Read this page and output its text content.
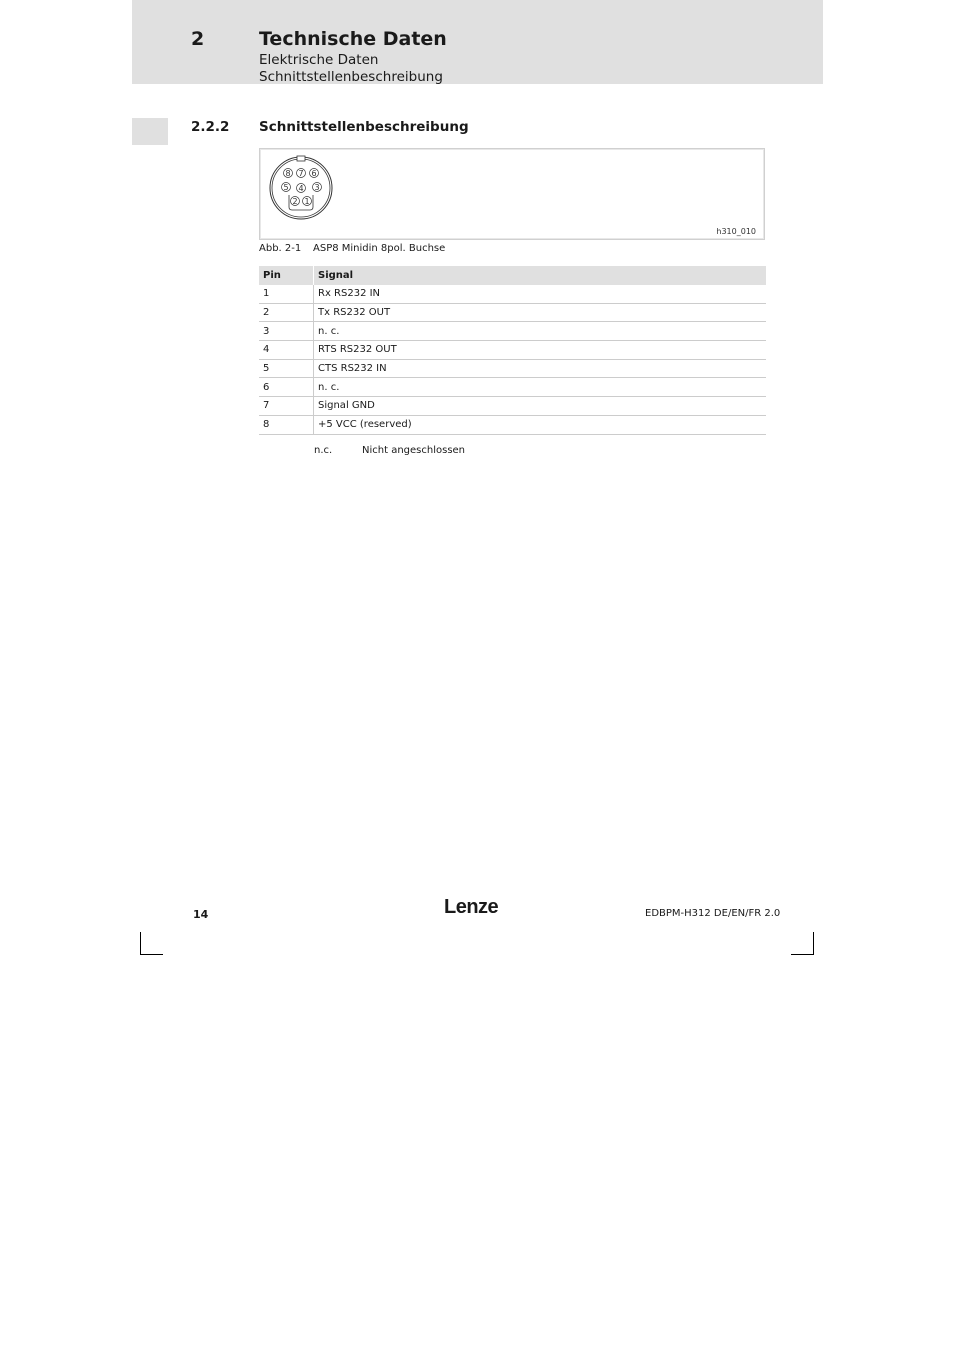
2	Technische Daten
Elektrische Daten
Schnittstellenbeschreibung
2.2.2 Schnittstellenbeschreibung
8 7 6
5 4 3
2 1
h310_010
Abb. 2-1 ASP8 Minidin 8pol. Buchse
Pin	Signal
1	Rx RS232 IN
2	Tx RS232 OUT
3	n. c.
4	RTS RS232 OUT
5	CTS RS232 IN
6	n. c.
7	Signal GND
8	+5 VCC (reserved)
n.c.	Nicht angeschlossen
14	Lenze	EDBPM-H312 DE/EN/FR 2.0
